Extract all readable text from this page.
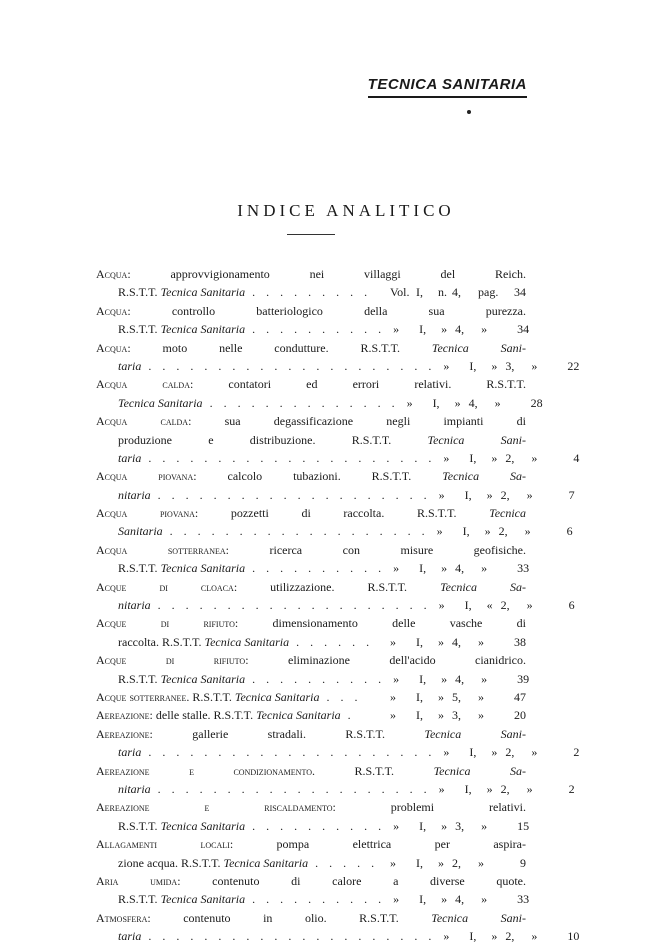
TECNICA SANITARIA
INDICE ANALITICO
Acqua: approvvigionamento nei villaggi del Reich.
R.S.T.T. Tecnica Sanitaria . . . . . . . . .	Vol. I,	n. 4,	pag.	34
Acqua: controllo batteriologico della sua purezza.
R.S.T.T. Tecnica Sanitaria . . . . . . . . . . »	I,	» 4,	»	34
Acqua: moto nelle condutture. R.S.T.T. Tecnica Sani-
taria . . . . . . . . . . . . . . . . . . . . . »	I,	» 3,	»	22
Acqua calda: contatori ed errori relativi. R.S.T.T.
Tecnica Sanitaria . . . . . . . . . . . . . . »	I,	» 4,	»	28
Acqua calda: sua degassificazione negli impianti di
produzione e distribuzione. R.S.T.T. Tecnica Sani-
taria . . . . . . . . . . . . . . . . . . . . . »	I,	» 2,	»	4
Acqua piovana: calcolo tubazioni. R.S.T.T. Tecnica Sa-
nitaria . . . . . . . . . . . . . . . . . . . . »	I,	» 2,	»	7
Acqua piovana: pozzetti di raccolta. R.S.T.T. Tecnica
Sanitaria . . . . . . . . . . . . . . . . . . . »	I,	» 2,	»	6
Acqua sotterranea: ricerca con misure geofisiche.
R.S.T.T. Tecnica Sanitaria . . . . . . . . . . »	I,	» 4,	»	33
Acque di cloaca: utilizzazione. R.S.T.T. Tecnica Sa-
nitaria . . . . . . . . . . . . . . . . . . . . »	I,	« 2,	»	6
Acque di rifiuto: dimensionamento delle vasche di
raccolta. R.S.T.T. Tecnica Sanitaria . . . . . .	»	I,	» 4,	»	38
Acque di rifiuto: eliminazione dell'acido cianidrico.
R.S.T.T. Tecnica Sanitaria . . . . . . . . . . »	I,	» 4,	»	39
Acque sotterranee. R.S.T.T. Tecnica Sanitaria . . .	»	I,	» 5,	»	47
Aereazione: delle stalle. R.S.T.T. Tecnica Sanitaria .	»	I,	» 3,	»	20
Aereazione: gallerie stradali. R.S.T.T. Tecnica Sani-
taria . . . . . . . . . . . . . . . . . . . . . »	I,	» 2,	»	2
Aereazione e condizionamento. R.S.T.T. Tecnica Sa-
nitaria . . . . . . . . . . . . . . . . . . . . »	I,	» 2,	»	2
Aereazione e riscaldamento: problemi relativi.
R.S.T.T. Tecnica Sanitaria . . . . . . . . . . »	I,	» 3,	»	15
Allagamenti locali: pompa elettrica per aspira-
zione acqua. R.S.T.T. Tecnica Sanitaria . . . . . »	I,	» 2,	»	9
Aria umida: contenuto di calore a diverse quote.
R.S.T.T. Tecnica Sanitaria . . . . . . . . . . »	I,	» 4,	»	33
Atmosfera: contenuto in olio. R.S.T.T. Tecnica Sani-
taria . . . . . . . . . . . . . . . . . . . . . »	I,	» 2,	»	10
